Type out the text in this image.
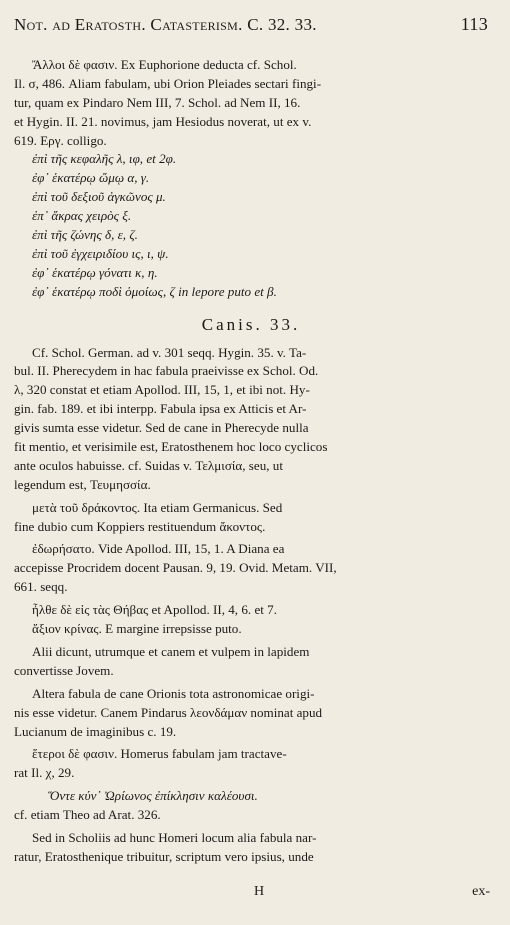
Not. ad Eratosth. Catasterism. C. 32. 33.	113
Ἄλλοι δὲ φασιν. Ex Euphorione deducta cf. Schol.
Il. σ, 486. Aliam fabulam, ubi Orion Pleiades sectari fingi-
tur, quam ex Pindaro Nem III, 7. Schol. ad Nem II, 16.
et Hygin. II. 21. novimus, jam Hesiodus noverat, ut ex v.
619. Εργ. colligo.
ἐπὶ τῆς κεφαλῆς λ, ιφ, et 2φ.
ἐφ᾽ ἑκατέρῳ ὤμῳ α, γ.
ἐπὶ τοῦ δεξιοῦ ἀγκῶνος μ.
ἐπ᾽ ἄκρας χειρὸς ξ.
ἐπὶ τῆς ζώνης δ, ε, ζ.
ἐπὶ τοῦ ἐγχειριδίου ις, ι, ψ.
ἐφ᾽ ἑκατέρῳ γόνατι κ, η.
ἐφ᾽ ἑκατέρῳ ποδὶ ὁμοίως, ζ in lepore puto et β.
Canis. 33.
Cf. Schol. German. ad v. 301 seqq. Hygin. 35. v. Ta-
bul. II. Pherecydem in hac fabula praeivisse ex Schol. Od.
λ, 320 constat et etiam Apollod. III, 15, 1, et ibi not. Hy-
gin. fab. 189. et ibi interpp. Fabula ipsa ex Atticis et Ar-
givis sumta esse videtur. Sed de cane in Pherecyde nulla
fit mentio, et verisimile est, Eratosthenem hoc loco cyclicos
ante oculos habuisse. cf. Suidas v. Τελμισία, seu, ut
legendum est, Τευμησσία.
μετὰ τοῦ δράκοντος. Ita etiam Germanicus. Sed
fine dubio cum Koppiers restituendum ἄκοντος.
ἐδωρήσατο. Vide Apollod. III, 15, 1. A Diana ea
accepisse Procridem docent Pausan. 9, 19. Ovid. Metam. VII,
661. seqq.
ἦλθε δὲ εἰς τὰς Θήβας et Apollod. II, 4, 6. et 7.
ἄξιον κρίνας. E margine irrepsisse puto.
Alii dicunt, utrumque et canem et vulpem in lapidem
convertisse Jovem.
Altera fabula de cane Orionis tota astronomicae origi-
nis esse videtur. Canem Pindarus λεονδάμαν nominat apud
Lucianum de imaginibus c. 19.
ἕτεροι δὲ φασιν. Homerus fabulam jam tractave-
rat Il. χ, 29.
Ὅντε κύν᾽ Ὠρίωνος ἐπίκλησιν καλέουσι.
cf. etiam Theo ad Arat. 326.
Sed in Scholiis ad hunc Homeri locum alia fabula nar-
ratur, Eratosthenique tribuitur, scriptum vero ipsius, unde
H	ex-
